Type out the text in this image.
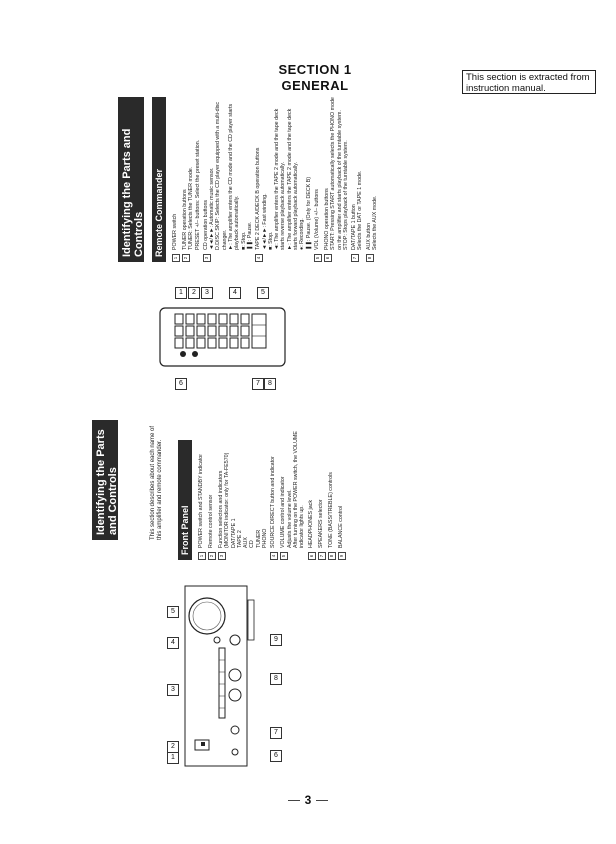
SECTION 1
GENERAL
This section is extracted from instruction manual.
Identifying the Parts and Controls	This section describes about each name of this amplifier and remote commander. Front Panel
1
POWER switch and STANDBY indicator
2
Remote control sensor
3
Function selectors and indicators
(MONITOR indicator: only for TA-FE570)
DAT/TAPE 1
TAPE 2
AUX
CD
TUNER
PHONO
4
SOURCE DIRECT button and indicator
5
VOLUME control and indicator
Adjusts the volume level.
After turning on the POWER switch, the VOLUME indicator lights up.
6
HEADPHONES jack
7
SPEAKERS selector
8
TONE (BASS/TREBLE) controls
9
BALANCE control
5
4
3
2
1
9
8
7
6
1	2	3	4	5
6	7	8
Identifying the Parts and Controls Remote Commander
1
POWER switch
2
TUNER operation buttons
TUNER: Selects the TUNER mode.
PRESET +/– buttons: Select the preset station.
3
CD operation buttons
◄◄/►►: Automatic music sensor.
D.DISC SKIP: Selects the CD player equipped with a multi-disc changer.
►: The amplifier enters the CD mode and the CD player starts playback automatically.
■: Stop.
❚❚: Pause.
4
TAPE 2 DECK A/DECK B operation buttons
◄◄/►►: Fast winding.
■: Stop.
◄: The amplifier enters the TAPE 2 mode and the tape deck starts reverse playback automatically.
►: The amplifier enters the TAPE 2 mode and the tape deck starts forward playback automatically.
●: Recording.
❚❚: Pause. (Only for DECK B)
5
VOL (Volume) +/– buttons
6
PHONO operation buttons
START: Pressing START automatically selects the PHONO mode on the amplifier and starts playback of the turntable system.
STOP: Stops playback of the turntable system.
7
DAT/TAPE 1 button
Selects the DAT or TAPE 1 mode.
8
AUX button
Selects the AUX mode.
3
